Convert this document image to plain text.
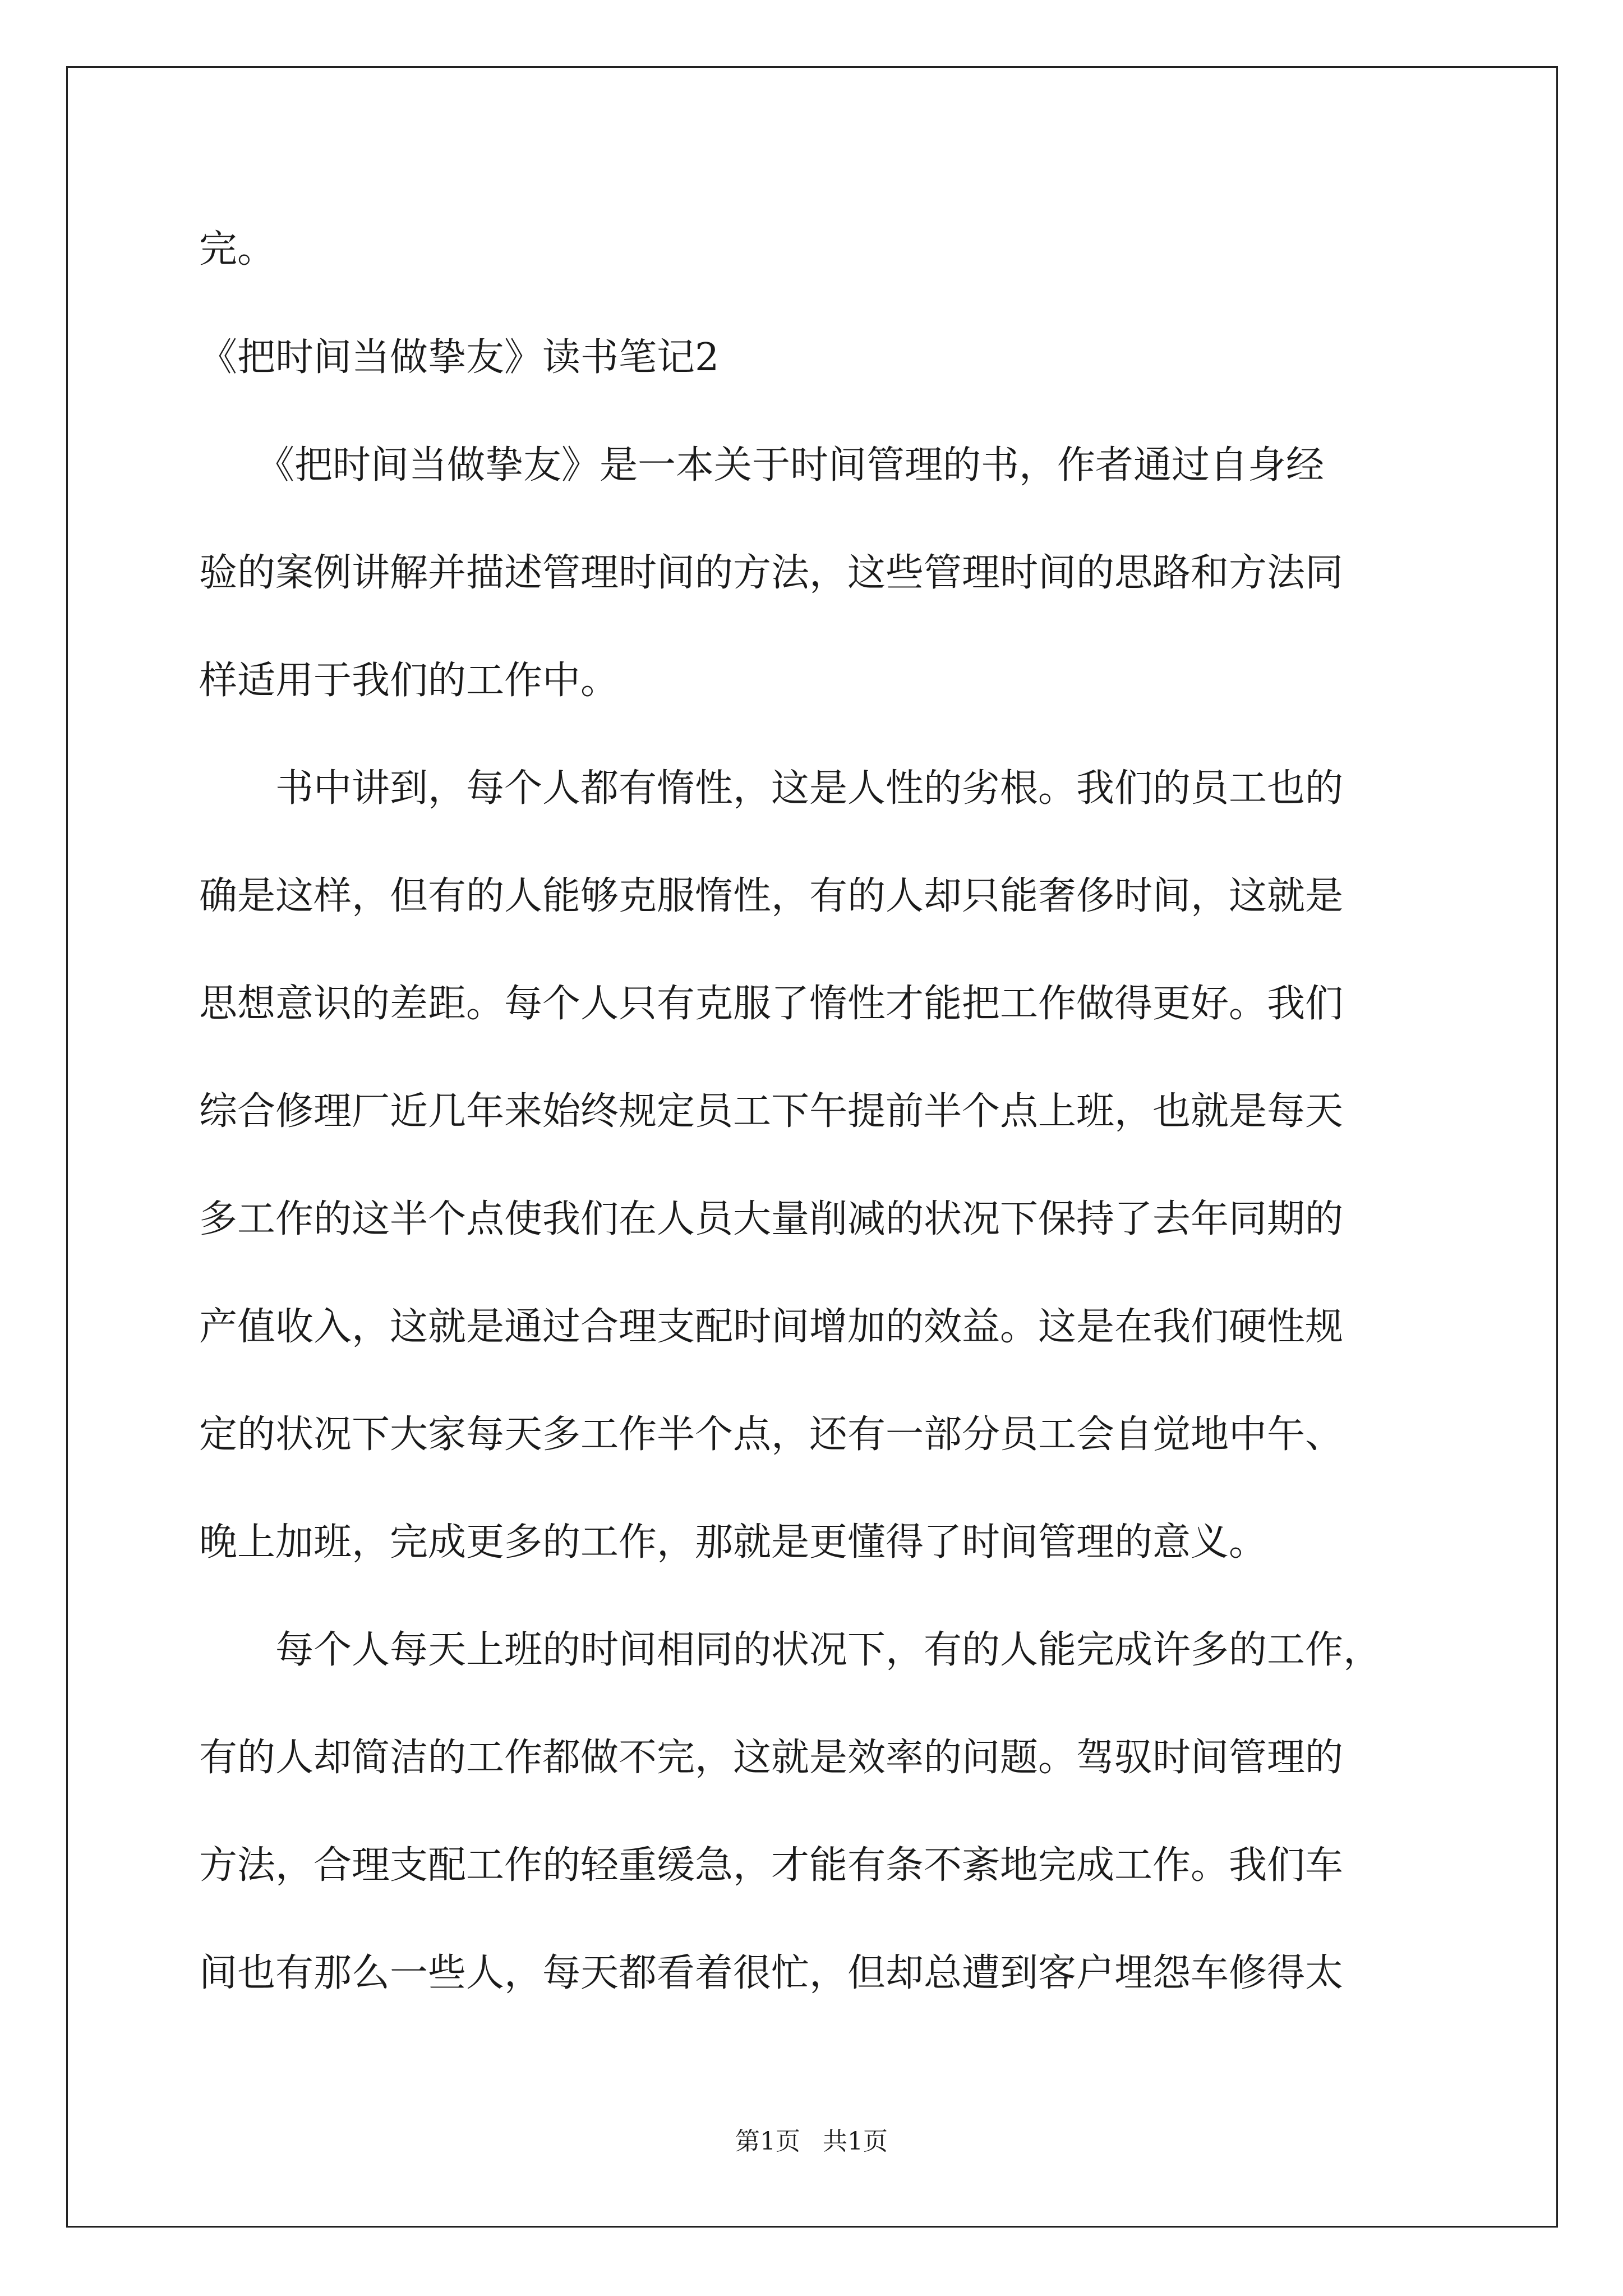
完。
《把时间当做挚友》读书笔记2
　　《把时间当做挚友》是一本关于时间管理的书，作者通过自身经
验的案例讲解并描述管理时间的方法，这些管理时间的思路和方法同
样适用于我们的工作中。
　　书中讲到，每个人都有惰性，这是人性的劣根。我们的员工也的
确是这样，但有的人能够克服惰性，有的人却只能奢侈时间，这就是
思想意识的差距。每个人只有克服了惰性才能把工作做得更好。我们
综合修理厂近几年来始终规定员工下午提前半个点上班，也就是每天
多工作的这半个点使我们在人员大量削减的状况下保持了去年同期的
产值收入，这就是通过合理支配时间增加的效益。这是在我们硬性规
定的状况下大家每天多工作半个点，还有一部分员工会自觉地中午、
晚上加班，完成更多的工作，那就是更懂得了时间管理的意义。
　　每个人每天上班的时间相同的状况下，有的人能完成许多的工作，
有的人却简洁的工作都做不完，这就是效率的问题。驾驭时间管理的
方法，合理支配工作的轻重缓急，才能有条不紊地完成工作。我们车
间也有那么一些人，每天都看着很忙，但却总遭到客户埋怨车修得太
第1页 共1页
